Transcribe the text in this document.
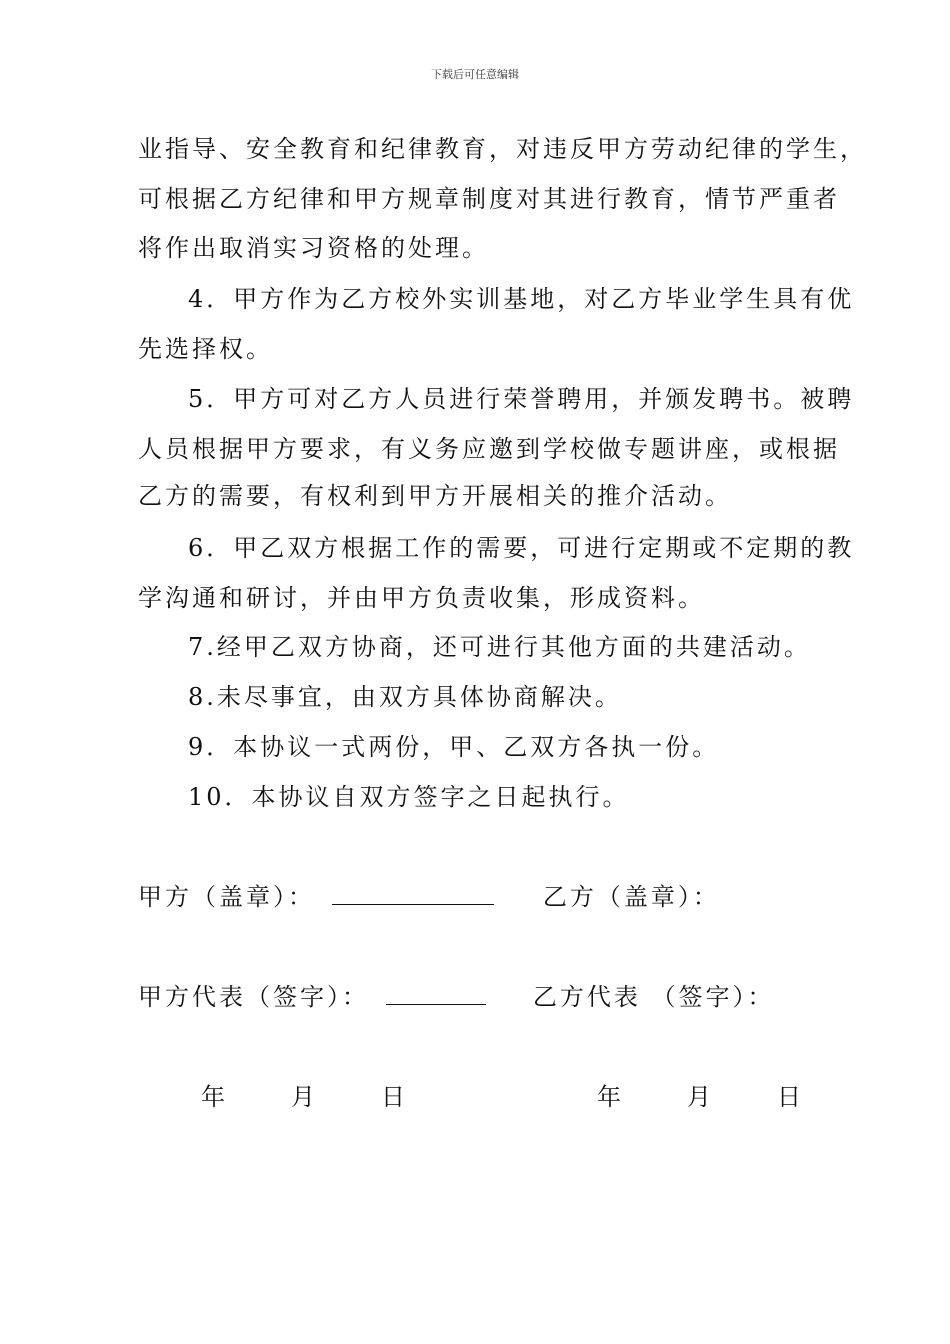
下载后可任意编辑
业指导、安全教育和纪律教育，对违反甲方劳动纪律的学生，
可根据乙方纪律和甲方规章制度对其进行教育，情节严重者
将作出取消实习资格的处理。
4．甲方作为乙方校外实训基地，对乙方毕业学生具有优
先选择权。
5．甲方可对乙方人员进行荣誉聘用，并颁发聘书。被聘
人员根据甲方要求，有义务应邀到学校做专题讲座，或根据
乙方的需要，有权利到甲方开展相关的推介活动。
6．甲乙双方根据工作的需要，可进行定期或不定期的教
学沟通和研讨，并由甲方负责收集，形成资料。
7.经甲乙双方协商，还可进行其他方面的共建活动。
8.未尽事宜，由双方具体协商解决。
9．本协议一式两份，甲、乙双方各执一份。
10．本协议自双方签字之日起执行。
甲方（盖章）：	乙方（盖章）：
甲方代表（签字）：	乙方代表 （签字）：
年	月	日	年	月	日
